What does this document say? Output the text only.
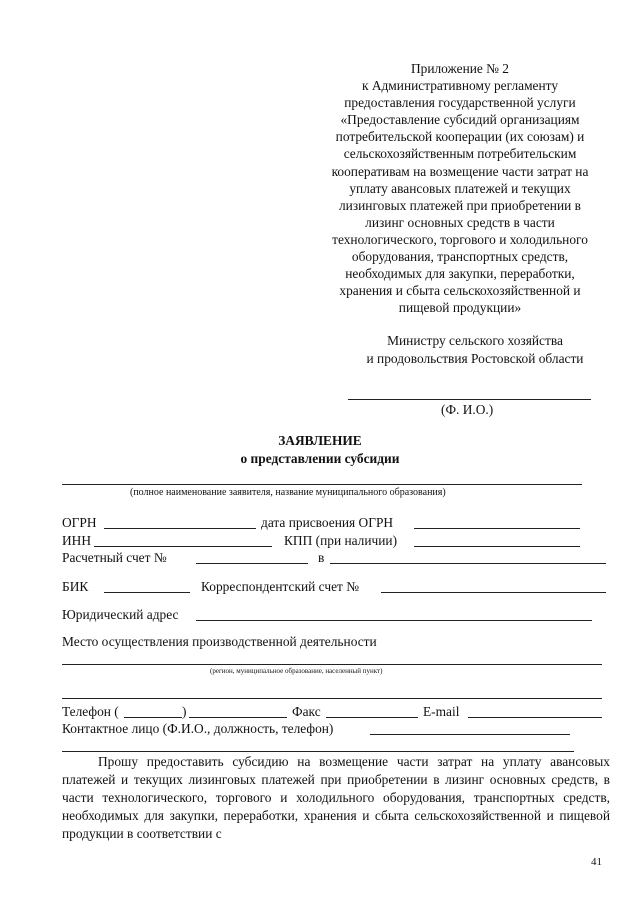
Приложение № 2
к Административному регламенту
предоставления государственной услуги
«Предоставление субсидий организациям
потребительской кооперации (их союзам) и
сельскохозяйственным потребительским
кооперативам на возмещение части затрат на
уплату авансовых платежей и текущих
лизинговых платежей при приобретении в
лизинг основных средств в части
технологического, торгового и холодильного
оборудования, транспортных средств,
необходимых для закупки, переработки,
хранения и сбыта сельскохозяйственной и
пищевой продукции»
Министру сельского хозяйства
и продовольствия Ростовской области
(Ф. И.О.)
ЗАЯВЛЕНИЕ
о представлении субсидии
(полное наименование заявителя, название муниципального образования)
ОГРН	дата присвоения ОГРН
ИНН	КПП (при наличии)
Расчетный счет №	в
БИК	Корреспондентский счет №
Юридический адрес
Место осуществления производственной деятельности
(регион, муниципальное образование, населенный пункт)
Телефон (	)	Факс	E-mail
Контактное лицо (Ф.И.О., должность, телефон)
Прошу предоставить субсидию на возмещение части затрат на уплату авансовых платежей и текущих лизинговых платежей при приобретении в лизинг основных средств, в части технологического, торгового и холодильного оборудования, транспортных средств, необходимых для закупки, переработки, хранения и сбыта сельскохозяйственной и пищевой продукции в соответствии с
41
